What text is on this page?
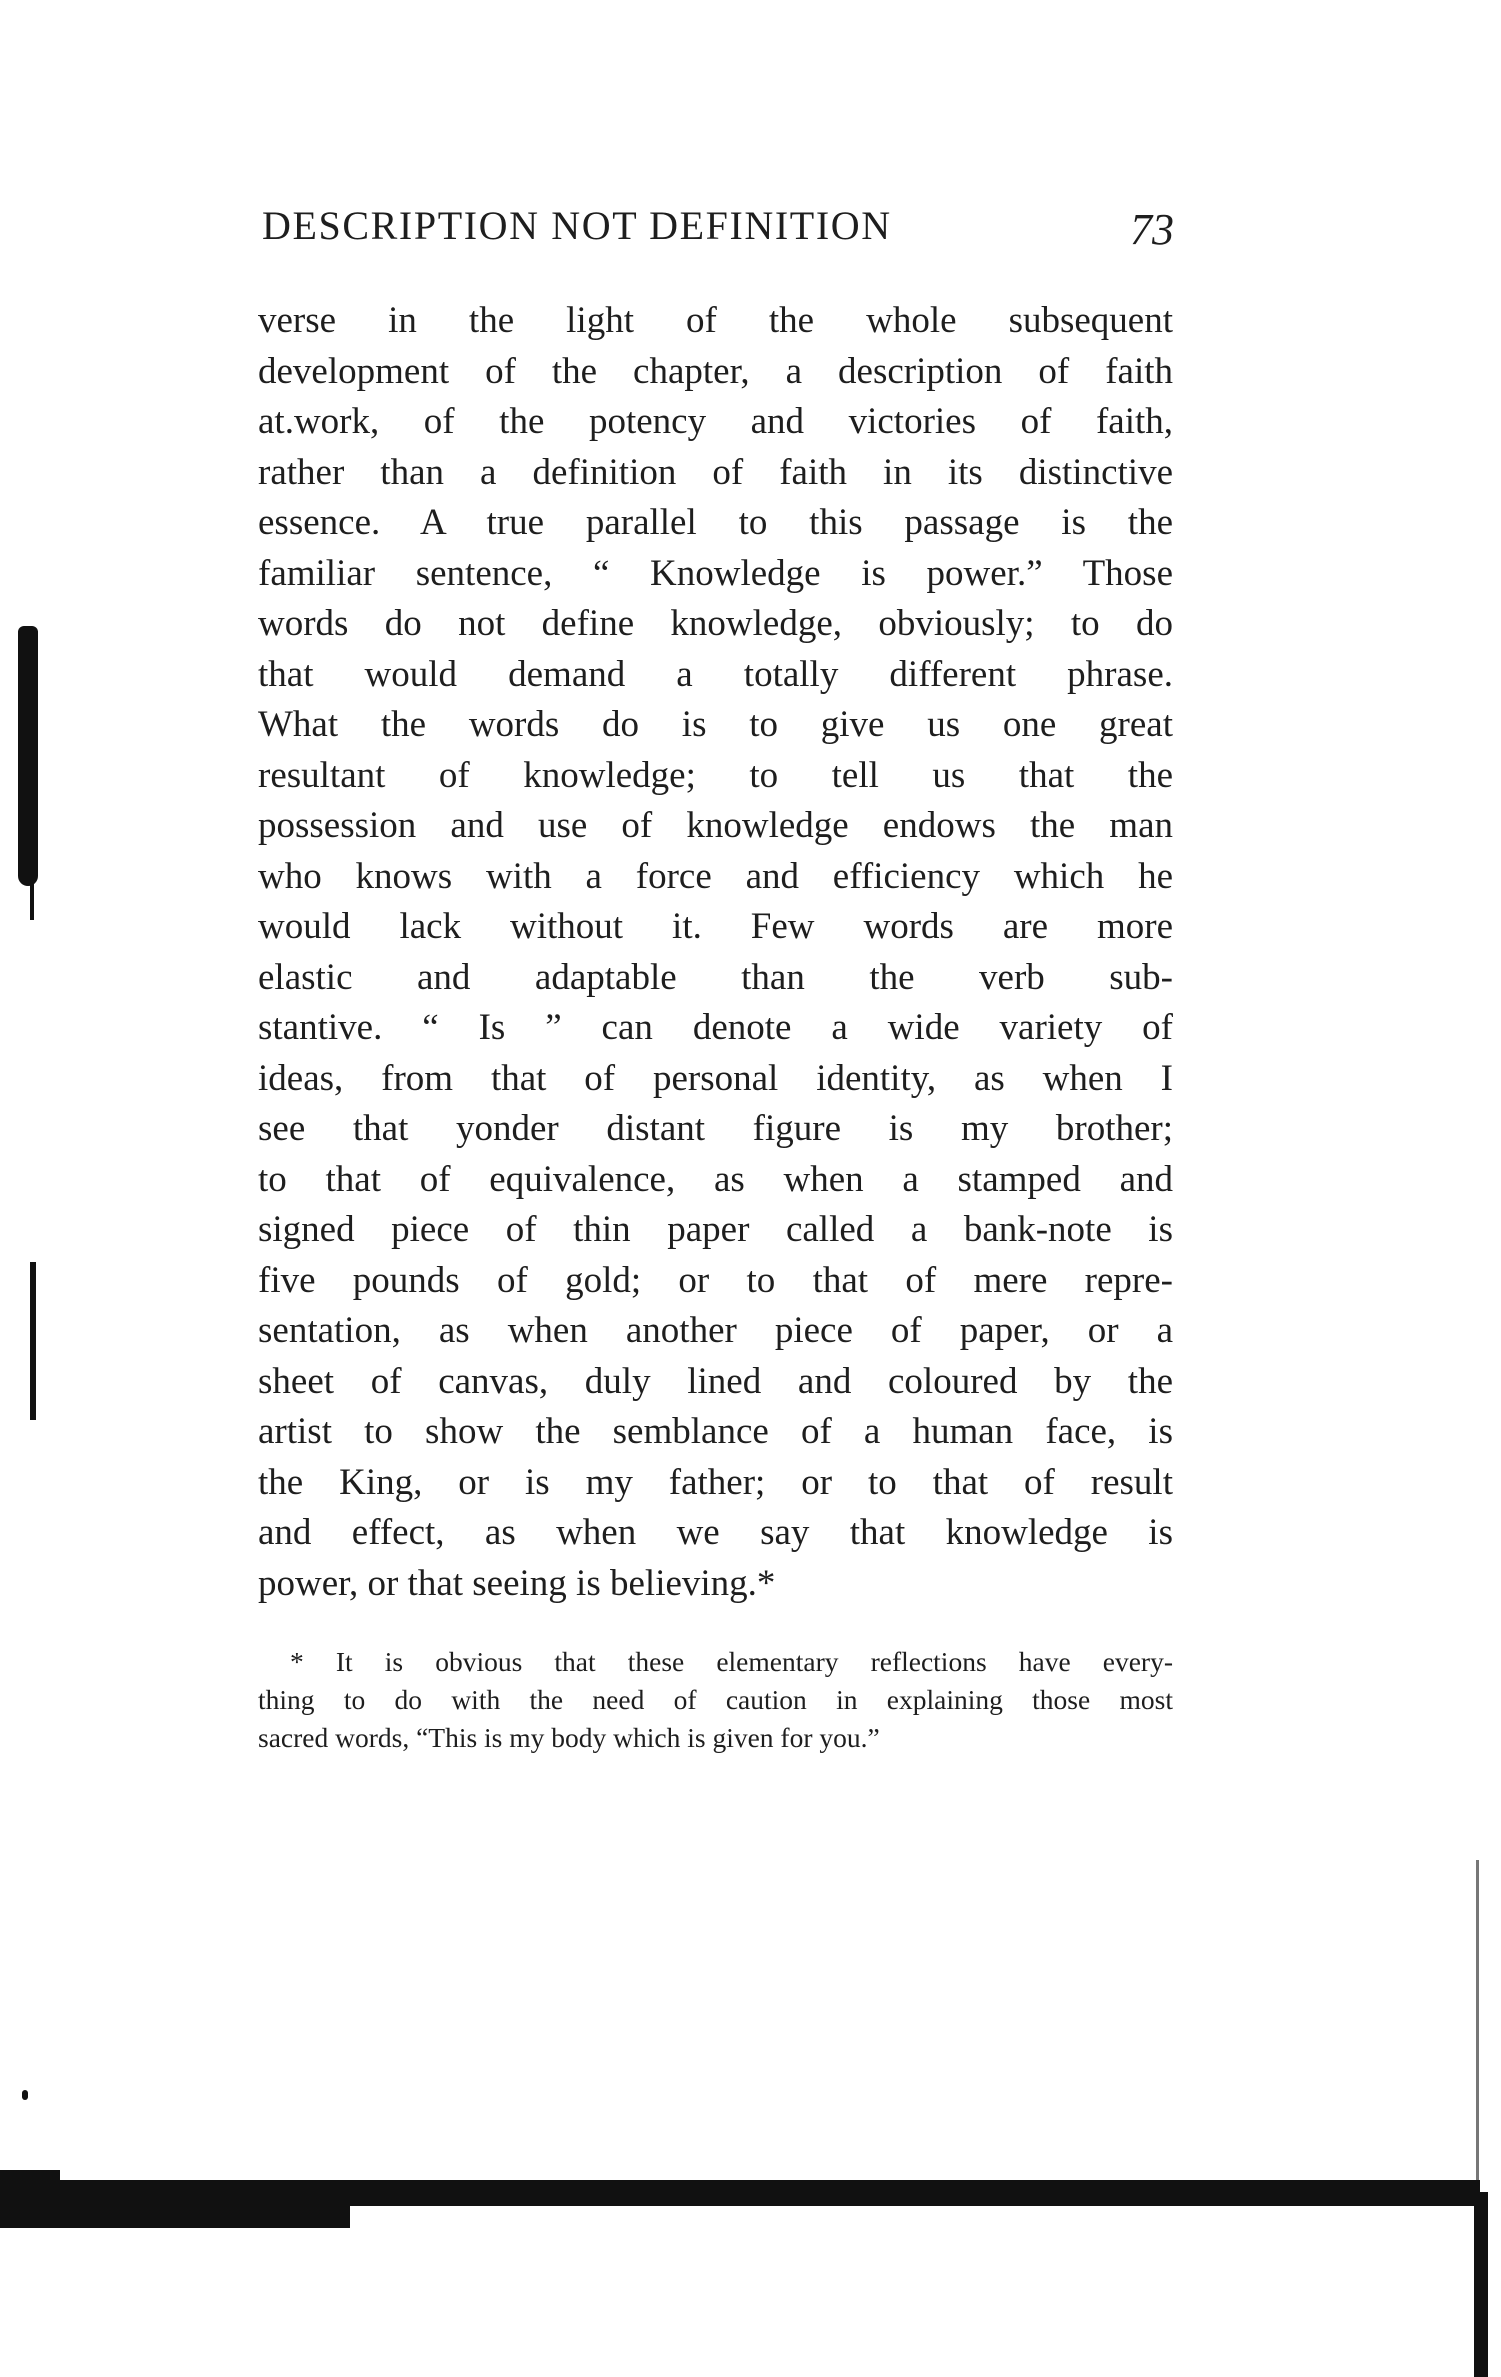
DESCRIPTION NOT DEFINITION	73
verse in the light of the whole subsequent
development of the chapter, a description of faith
at.work, of the potency and victories of faith,
rather than a definition of faith in its distinctive
essence. A true parallel to this passage is the
familiar sentence, “ Knowledge is power.” Those
words do not define knowledge, obviously; to do
that would demand a totally different phrase.
What the words do is to give us one great
resultant of knowledge; to tell us that the
possession and use of knowledge endows the man
who knows with a force and efficiency which he
would lack without it. Few words are more
elastic and adaptable than the verb sub-
stantive. “ Is ” can denote a wide variety of
ideas, from that of personal identity, as when I
see that yonder distant figure is my brother;
to that of equivalence, as when a stamped and
signed piece of thin paper called a bank-note is
five pounds of gold; or to that of mere repre-
sentation, as when another piece of paper, or a
sheet of canvas, duly lined and coloured by the
artist to show the semblance of a human face, is
the King, or is my father; or to that of result
and effect, as when we say that knowledge is
power, or that seeing is believing.*
* It is obvious that these elementary reflections have every-
thing to do with the need of caution in explaining those most
sacred words, “This is my body which is given for you.”
